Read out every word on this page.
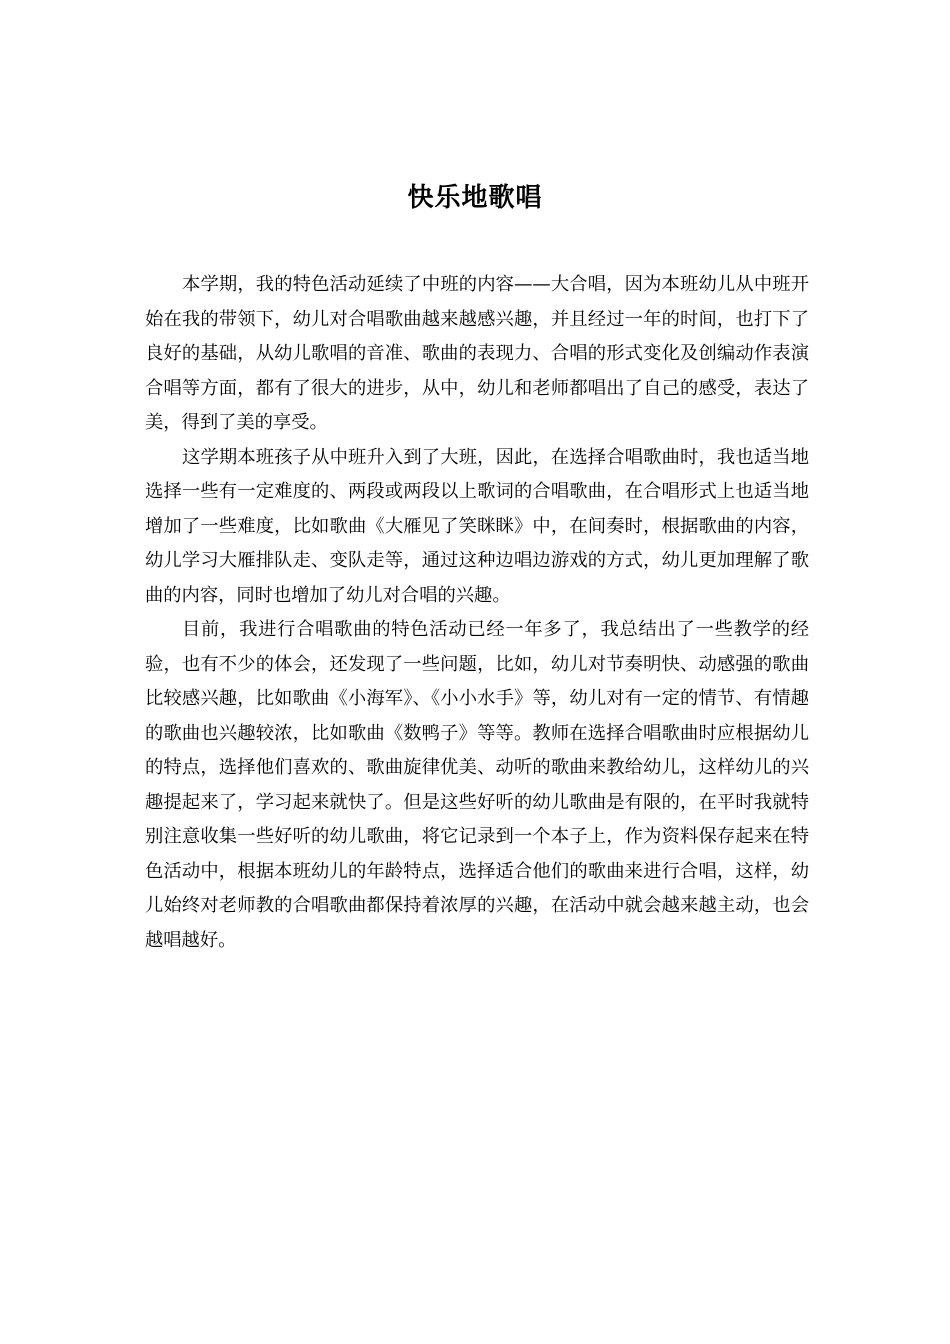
快乐地歌唱

本学期，我的特色活动延续了中班的内容——大合唱，因为本班幼儿从中班开始在我的带领下，幼儿对合唱歌曲越来越感兴趣，并且经过一年的时间，也打下了良好的基础，从幼儿歌唱的音准、歌曲的表现力、合唱的形式变化及创编动作表演合唱等方面，都有了很大的进步，从中，幼儿和老师都唱出了自己的感受，表达了美，得到了美的享受。

这学期本班孩子从中班升入到了大班，因此，在选择合唱歌曲时，我也适当地选择一些有一定难度的、两段或两段以上歌词的合唱歌曲，在合唱形式上也适当地增加了一些难度，比如歌曲《大雁见了笑眯眯》中，在间奏时，根据歌曲的内容，幼儿学习大雁排队走、变队走等，通过这种边唱边游戏的方式，幼儿更加理解了歌曲的内容，同时也增加了幼儿对合唱的兴趣。

目前，我进行合唱歌曲的特色活动已经一年多了，我总结出了一些教学的经验，也有不少的体会，还发现了一些问题，比如，幼儿对节奏明快、动感强的歌曲比较感兴趣，比如歌曲《小海军》、《小小水手》等，幼儿对有一定的情节、有情趣的歌曲也兴趣较浓，比如歌曲《数鸭子》等等。教师在选择合唱歌曲时应根据幼儿的特点，选择他们喜欢的、歌曲旋律优美、动听的歌曲来教给幼儿，这样幼儿的兴趣提起来了，学习起来就快了。但是这些好听的幼儿歌曲是有限的，在平时我就特别注意收集一些好听的幼儿歌曲，将它记录到一个本子上，作为资料保存起来在特色活动中，根据本班幼儿的年龄特点，选择适合他们的歌曲来进行合唱，这样，幼儿始终对老师教的合唱歌曲都保持着浓厚的兴趣，在活动中就会越来越主动，也会越唱越好。
